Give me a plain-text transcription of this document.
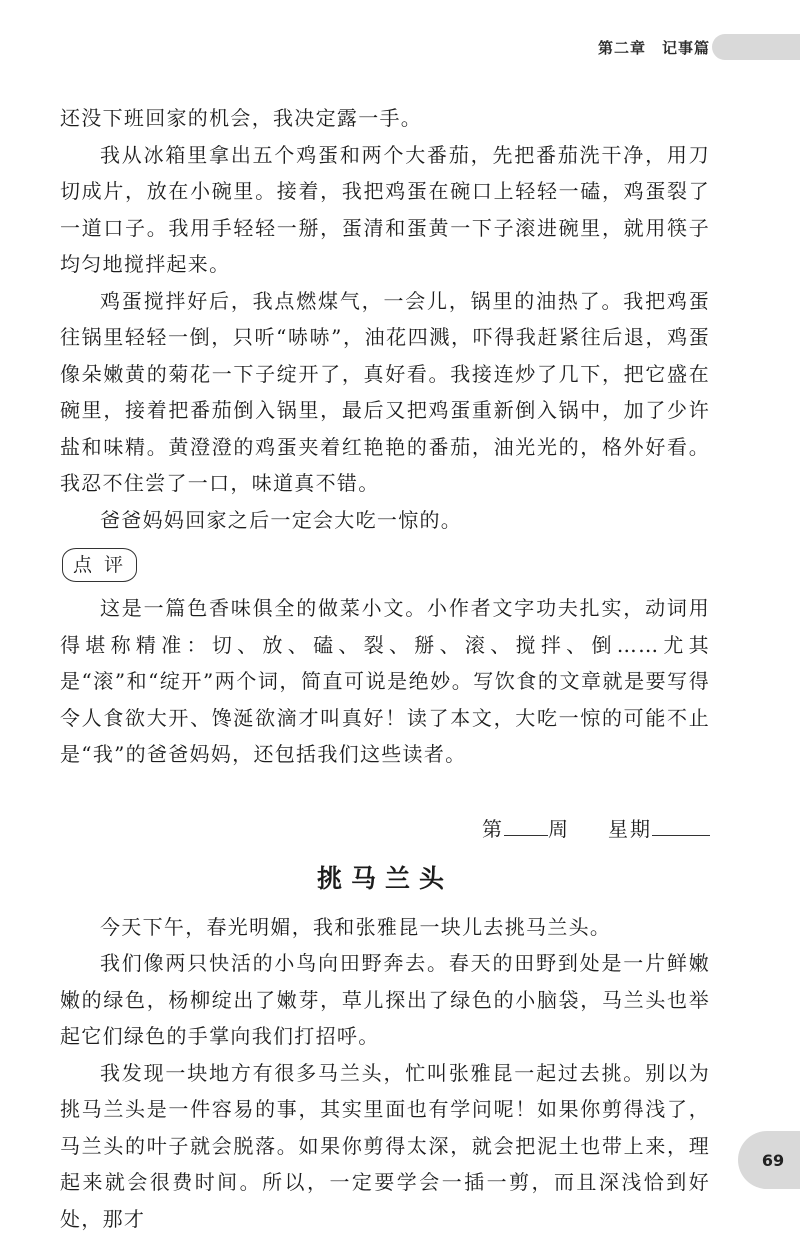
第二章　记事篇

还没下班回家的机会，我决定露一手。

我从冰箱里拿出五个鸡蛋和两个大番茄，先把番茄洗干净，用刀切成片，放在小碗里。接着，我把鸡蛋在碗口上轻轻一磕，鸡蛋裂了一道口子。我用手轻轻一掰，蛋清和蛋黄一下子滚进碗里，就用筷子均匀地搅拌起来。

鸡蛋搅拌好后，我点燃煤气，一会儿，锅里的油热了。我把鸡蛋往锅里轻轻一倒，只听“哧哧”，油花四溅，吓得我赶紧往后退，鸡蛋像朵嫩黄的菊花一下子绽开了，真好看。我接连炒了几下，把它盛在碗里，接着把番茄倒入锅里，最后又把鸡蛋重新倒入锅中，加了少许盐和味精。黄澄澄的鸡蛋夹着红艳艳的番茄，油光光的，格外好看。我忍不住尝了一口，味道真不错。

爸爸妈妈回家之后一定会大吃一惊的。

点 评

这是一篇色香味俱全的做菜小文。小作者文字功夫扎实，动词用得堪称精准：切、放、磕、裂、掰、滚、搅拌、倒……尤其是“滚”和“绽开”两个词，简直可说是绝妙。写饮食的文章就是要写得令人食欲大开、馋涎欲滴才叫真好！读了本文，大吃一惊的可能不止是“我”的爸爸妈妈，还包括我们这些读者。

第 周 星期
挑马兰头

今天下午，春光明媚，我和张雅昆一块儿去挑马兰头。

我们像两只快活的小鸟向田野奔去。春天的田野到处是一片鲜嫩嫩的绿色，杨柳绽出了嫩芽，草儿探出了绿色的小脑袋，马兰头也举起它们绿色的手掌向我们打招呼。

我发现一块地方有很多马兰头，忙叫张雅昆一起过去挑。别以为挑马兰头是一件容易的事，其实里面也有学问呢！如果你剪得浅了，马兰头的叶子就会脱落。如果你剪得太深，就会把泥土也带上来，理起来就会很费时间。所以，一定要学会一插一剪，而且深浅恰到好处，那才

69
